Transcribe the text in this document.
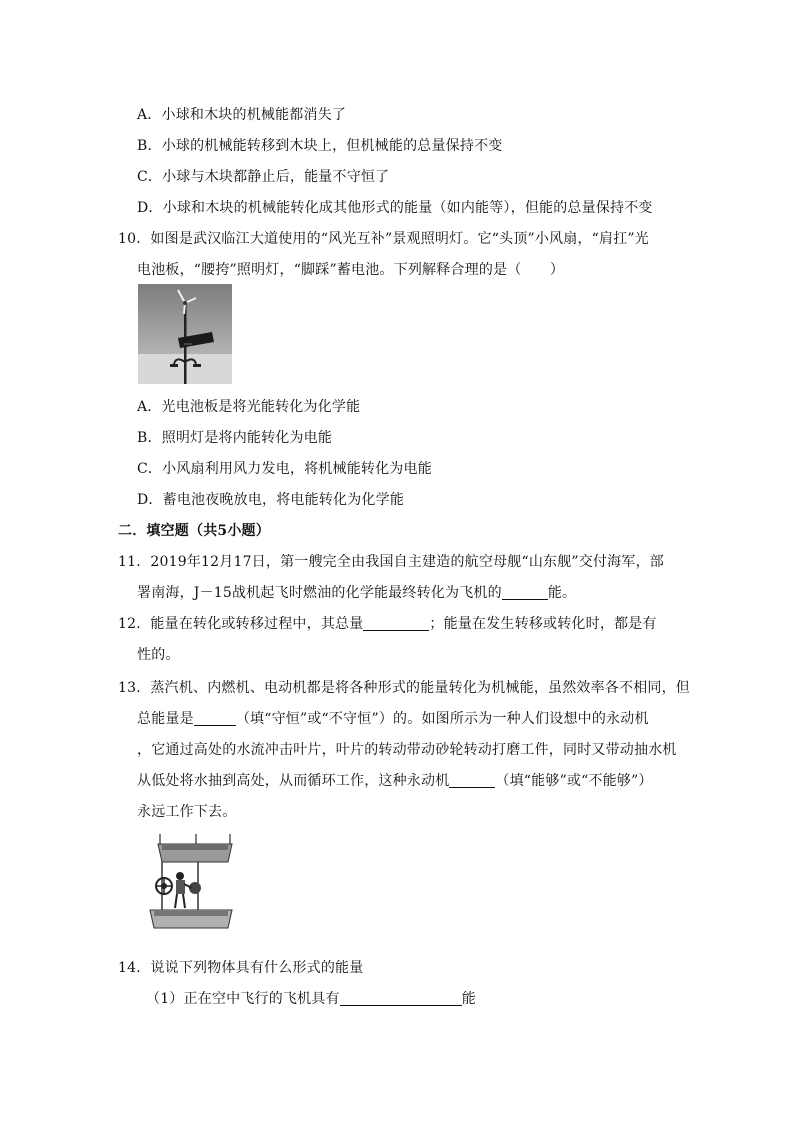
A．小球和木块的机械能都消失了
B．小球的机械能转移到木块上，但机械能的总量保持不变
C．小球与木块都静止后，能量不守恒了
D．小球和木块的机械能转化成其他形式的能量（如内能等），但能的总量保持不变
10．如图是武汉临江大道使用的“风光互补”景观照明灯。它“头顶”小风扇，“肩扛”光
电池板，“腰挎”照明灯，“脚踩”蓄电池。下列解释合理的是（　　）
A．光电池板是将光能转化为化学能
B．照明灯是将内能转化为电能
C．小风扇利用风力发电，将机械能转化为电能
D．蓄电池夜晚放电，将电能转化为化学能
二．填空题（共5小题）
11．2019年12月17日，第一艘完全由我国自主建造的航空母舰“山东舰”交付海军，部
署南海，J－15战机起飞时燃油的化学能最终转化为飞机的	能。
12．能量在转化或转移过程中，其总量	；能量在发生转移或转化时，都是有
性的。
13．蒸汽机、内燃机、电动机都是将各种形式的能量转化为机械能，虽然效率各不相同，但
总能量是	（填“守恒”或“不守恒”）的。如图所示为一种人们设想中的永动机
，它通过高处的水流冲击叶片，叶片的转动带动砂轮转动打磨工件，同时又带动抽水机
从低处将水抽到高处，从而循环工作，这种永动机	（填“能够”或“不能够”）
永远工作下去。
14．说说下列物体具有什么形式的能量
（1）正在空中飞行的飞机具有	能
